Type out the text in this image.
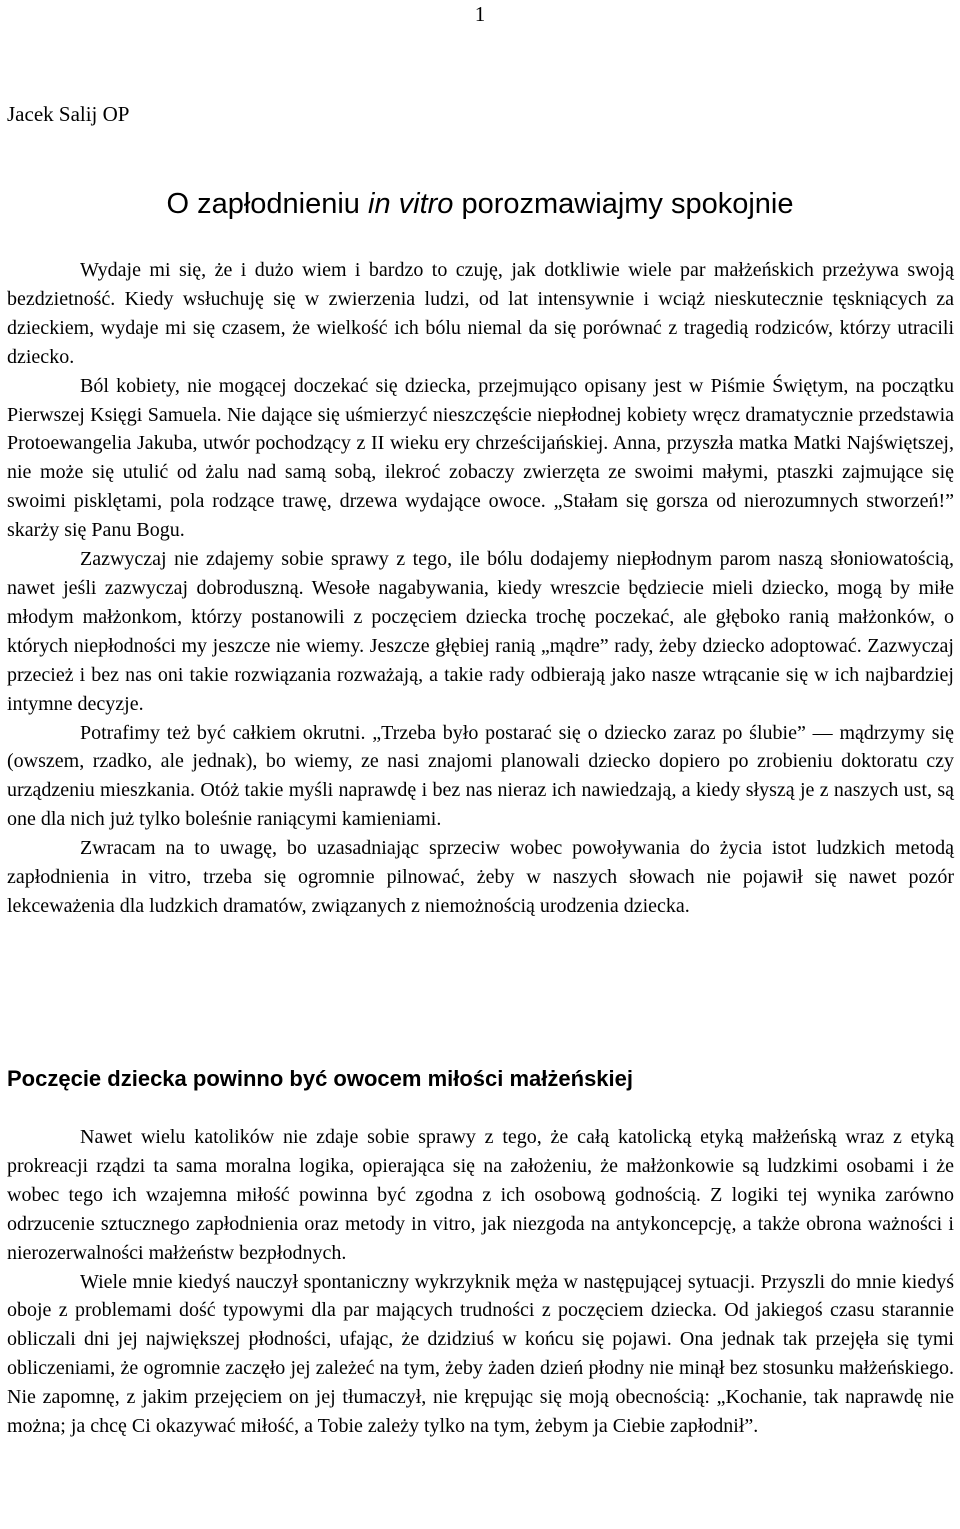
1
Jacek Salij OP
O zapłodnieniu in vitro porozmawiajmy spokojnie

Wydaje mi się, że i dużo wiem i bardzo to czuję, jak dotkliwie wiele par małżeńskich przeżywa swoją bezdzietność. Kiedy wsłuchuję się w zwierzenia ludzi, od lat intensywnie i wciąż nieskutecznie tęskniących za dzieckiem, wydaje mi się czasem, że wielkość ich bólu niemal da się porównać z tragedią rodziców, którzy utracili dziecko.

Ból kobiety, nie mogącej doczekać się dziecka, przejmująco opisany jest w Piśmie Świętym, na początku Pierwszej Księgi Samuela. Nie dające się uśmierzyć nieszczęście niepłodnej kobiety wręcz dramatycznie przedstawia Protoewangelia Jakuba, utwór pochodzący z II wieku ery chrześcijańskiej. Anna, przyszła matka Matki Najświętszej, nie może się utulić od żalu nad samą sobą, ilekroć zobaczy zwierzęta ze swoimi małymi, ptaszki zajmujące się swoimi pisklętami, pola rodzące trawę, drzewa wydające owoce. „Stałam się gorsza od nierozumnych stworzeń!” skarży się Panu Bogu.

Zazwyczaj nie zdajemy sobie sprawy z tego, ile bólu dodajemy niepłodnym parom naszą słoniowatością, nawet jeśli zazwyczaj dobroduszną. Wesołe nagabywania, kiedy wreszcie będziecie mieli dziecko, mogą by miłe młodym małżonkom, którzy postanowili z poczęciem dziecka trochę poczekać, ale głęboko ranią małżonków, o których niepłodności my jeszcze nie wiemy. Jeszcze głębiej ranią „mądre” rady, żeby dziecko adoptować. Zazwyczaj przecież i bez nas oni takie rozwiązania rozważają, a takie rady odbierają jako nasze wtrącanie się w ich najbardziej intymne decyzje.

Potrafimy też być całkiem okrutni. „Trzeba było postarać się o dziecko zaraz po ślubie” — mądrzymy się (owszem, rzadko, ale jednak), bo wiemy, ze nasi znajomi planowali dziecko dopiero po zrobieniu doktoratu czy urządzeniu mieszkania. Otóż takie myśli naprawdę i bez nas nieraz ich nawiedzają, a kiedy słyszą je z naszych ust, są one dla nich już tylko boleśnie raniącymi kamieniami.

Zwracam na to uwagę, bo uzasadniając sprzeciw wobec powoływania do życia istot ludzkich metodą zapłodnienia in vitro, trzeba się ogromnie pilnować, żeby w naszych słowach nie pojawił się nawet pozór lekceważenia dla ludzkich dramatów, związanych z niemożnością urodzenia dziecka.

Poczęcie dziecka powinno być owocem miłości małżeńskiej

Nawet wielu katolików nie zdaje sobie sprawy z tego, że całą katolicką etyką małżeńską wraz z etyką prokreacji rządzi ta sama moralna logika, opierająca się na założeniu, że małżonkowie są ludzkimi osobami i że wobec tego ich wzajemna miłość powinna być zgodna z ich osobową godnością. Z logiki tej wynika zarówno odrzucenie sztucznego zapłodnienia oraz metody in vitro, jak niezgoda na antykoncepcję, a także obrona ważności i nierozerwalności małżeństw bezpłodnych.

Wiele mnie kiedyś nauczył spontaniczny wykrzyknik męża w następującej sytuacji. Przyszli do mnie kiedyś oboje z problemami dość typowymi dla par mających trudności z poczęciem dziecka. Od jakiegoś czasu starannie obliczali dni jej największej płodności, ufając, że dzidziuś w końcu się pojawi. Ona jednak tak przejęła się tymi obliczeniami, że ogromnie zaczęło jej zależeć na tym, żeby żaden dzień płodny nie minął bez stosunku małżeńskiego. Nie zapomnę, z jakim przejęciem on jej tłumaczył, nie krępując się moją obecnością: „Kochanie, tak naprawdę nie można; ja chcę Ci okazywać miłość, a Tobie zależy tylko na tym, żebym ja Ciebie zapłodnił”.
